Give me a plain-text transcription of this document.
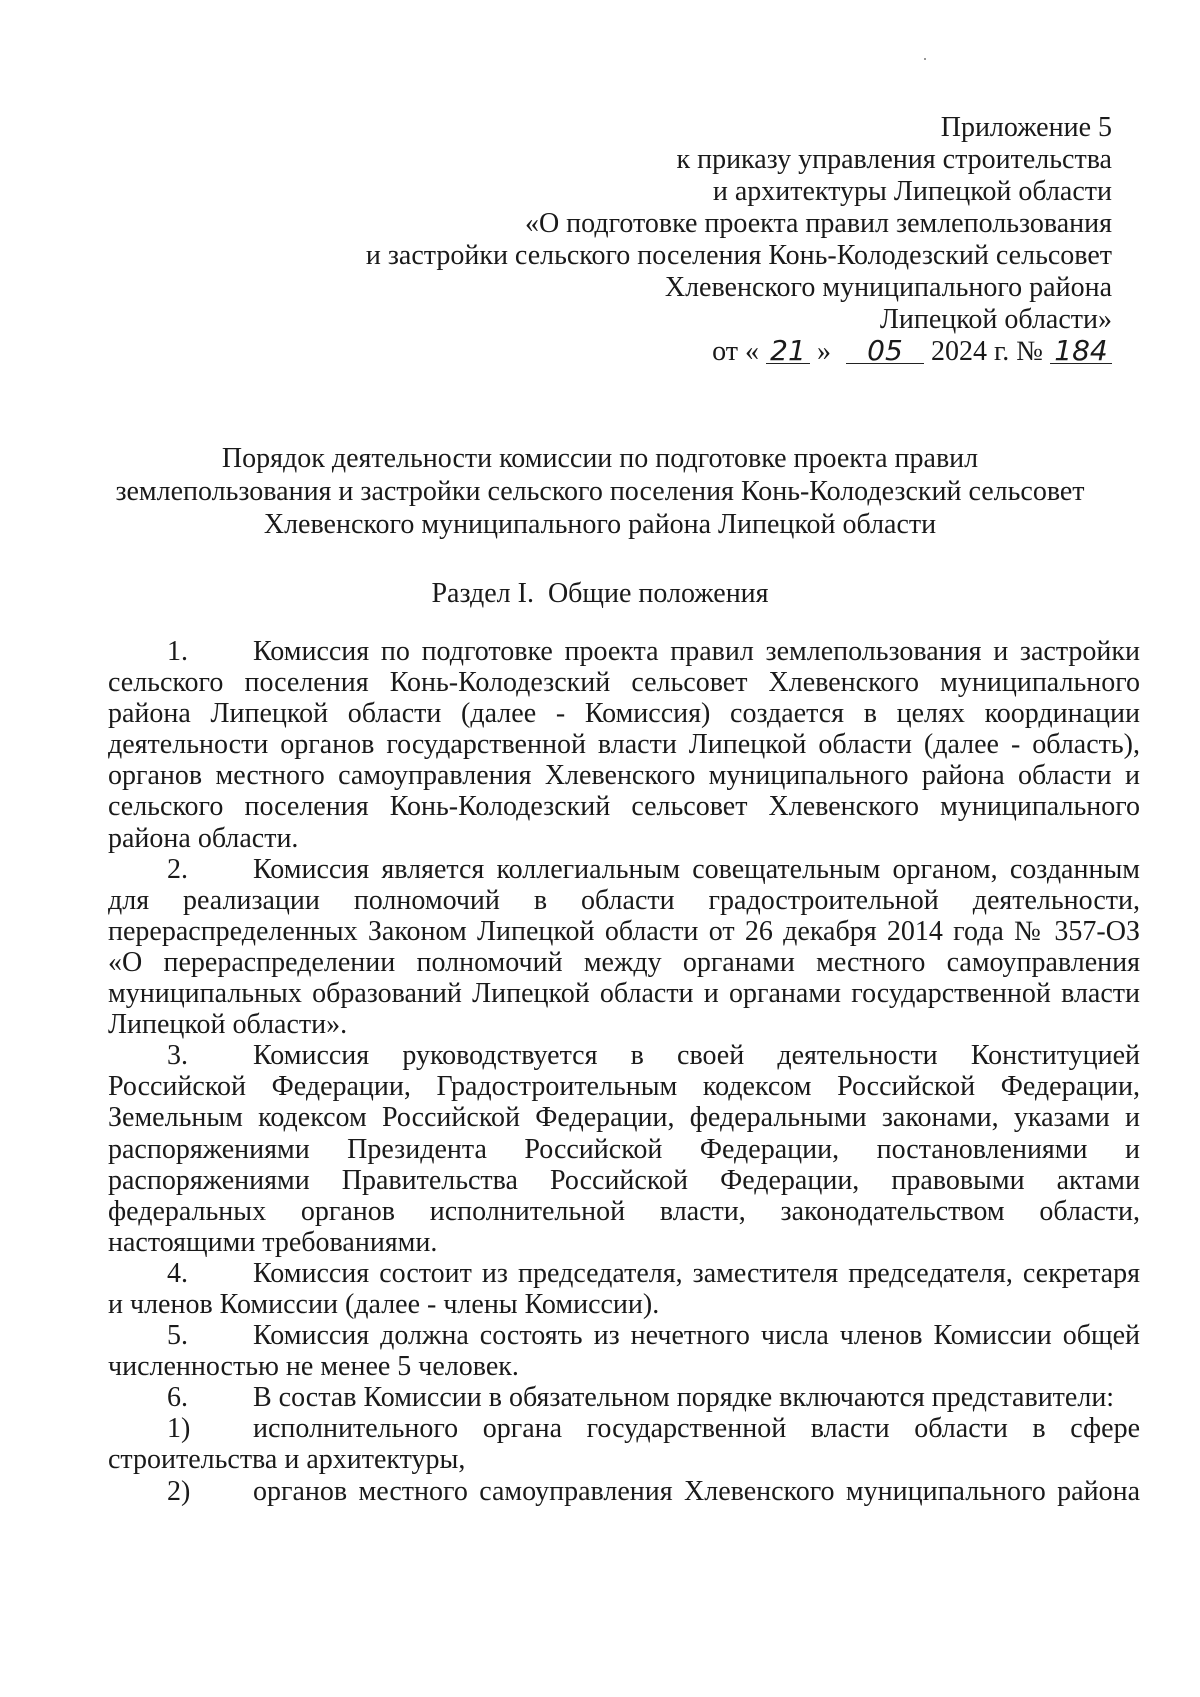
Приложение 5
к приказу управления строительства
и архитектуры Липецкой области
«О подготовке проекта правил землепользования
и застройки сельского поселения Конь-Колодезский сельсовет
Хлевенского муниципального района
Липецкой области»
от « 21 » 05 2024 г. № 184
Порядок деятельности комиссии по подготовке проекта правил
землепользования и застройки сельского поселения Конь-Колодезский сельсовет
Хлевенского муниципального района Липецкой области
Раздел I.  Общие положения

1. Комиссия по подготовке проекта правил землепользования и застройки сельского поселения Конь-Колодезский сельсовет Хлевенского муниципального района Липецкой области (далее - Комиссия) создается в целях координации деятельности органов государственной власти Липецкой области (далее - область), органов местного самоуправления Хлевенского муниципального района области и сельского поселения Конь-Колодезский сельсовет Хлевенского муниципального района области.

2. Комиссия является коллегиальным совещательным органом, созданным для реализации полномочий в области градостроительной деятельности, перераспределенных Законом Липецкой области от 26 декабря 2014 года № 357-ОЗ «О перераспределении полномочий между органами местного самоуправления муниципальных образований Липецкой области и органами государственной власти Липецкой области».

3. Комиссия руководствуется в своей деятельности Конституцией Российской Федерации, Градостроительным кодексом Российской Федерации, Земельным кодексом Российской Федерации, федеральными законами, указами и распоряжениями Президента Российской Федерации, постановлениями и распоряжениями Правительства Российской Федерации, правовыми актами федеральных органов исполнительной власти, законодательством области, настоящими требованиями.

4. Комиссия состоит из председателя, заместителя председателя, секретаря и членов Комиссии (далее - члены Комиссии).

5. Комиссия должна состоять из нечетного числа членов Комиссии общей численностью не менее 5 человек.

6. В состав Комиссии в обязательном порядке включаются представители:

1) исполнительного органа государственной власти области в сфере строительства и архитектуры,

2) органов местного самоуправления Хлевенского муниципального района
